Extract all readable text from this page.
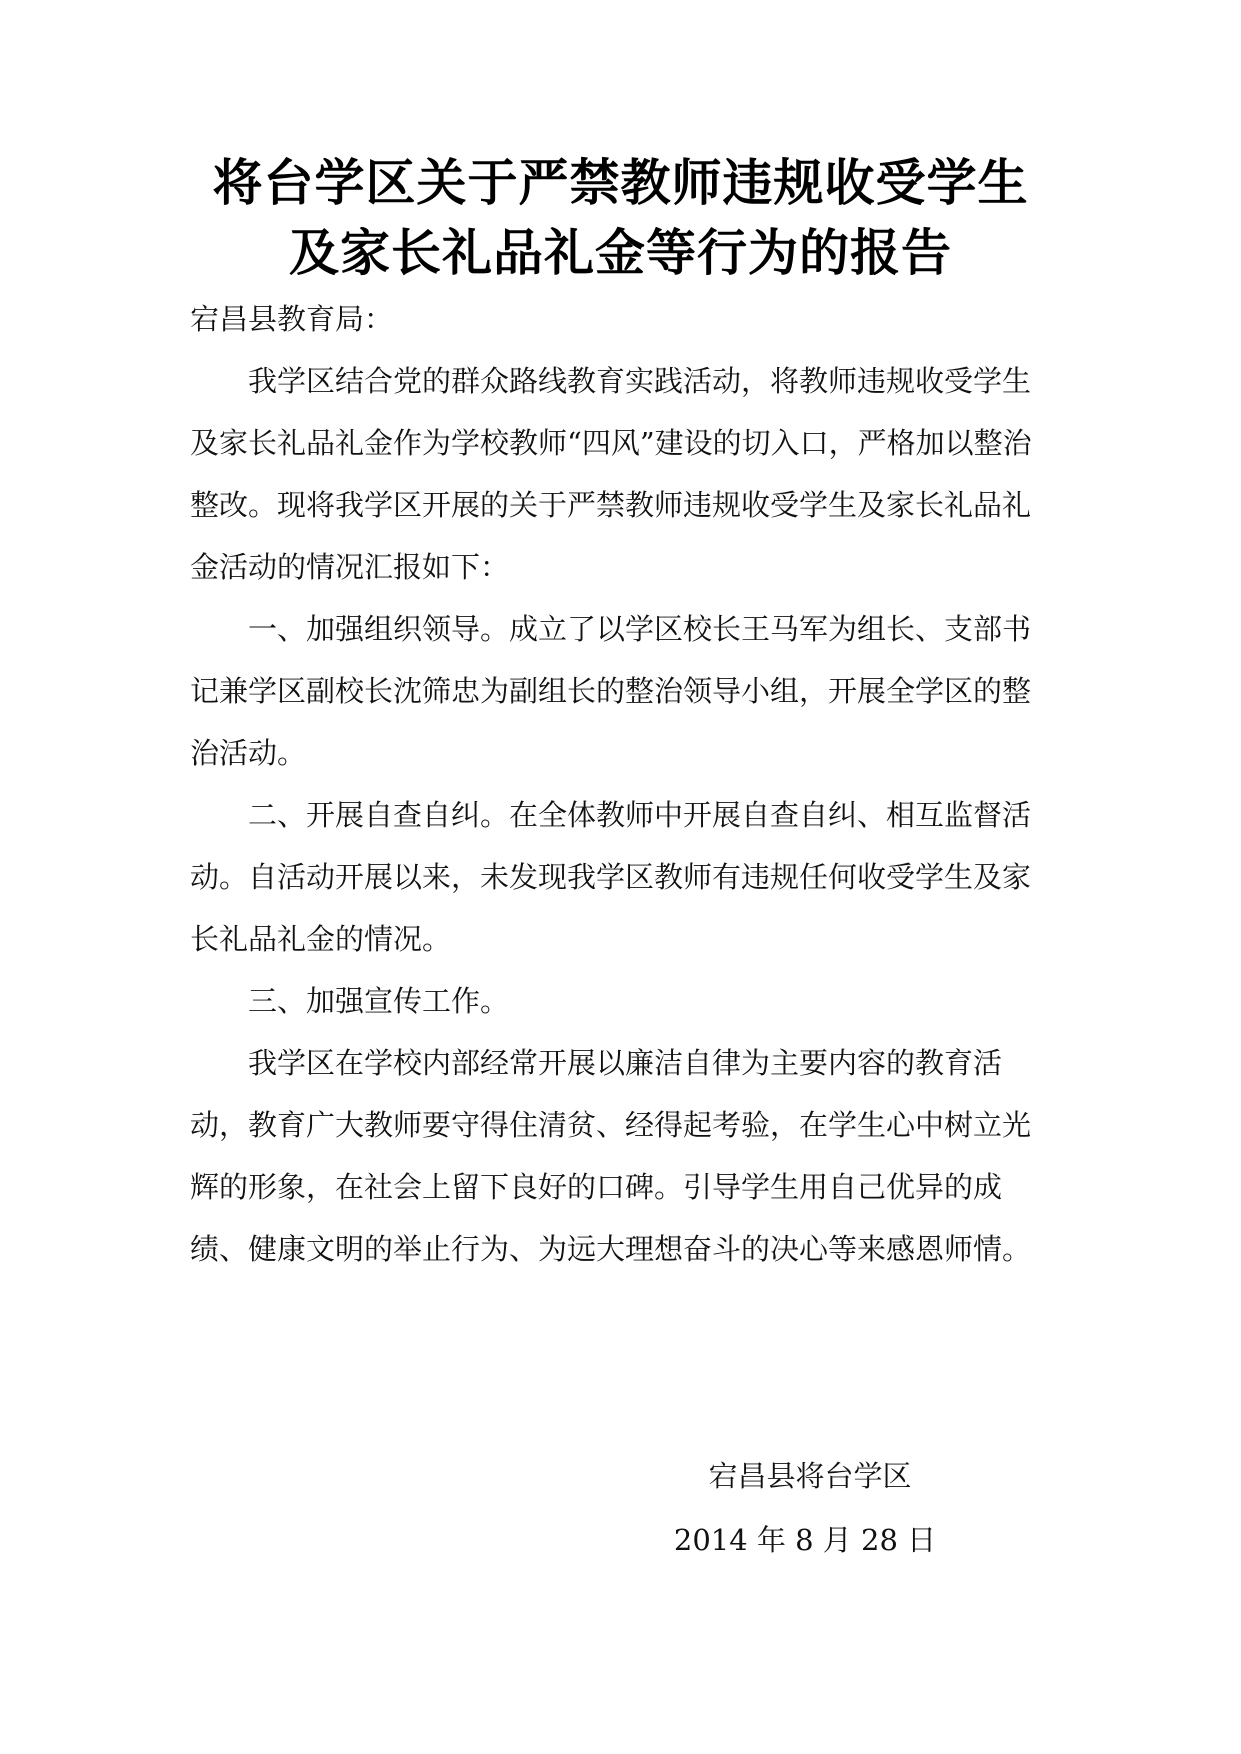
将台学区关于严禁教师违规收受学生
及家长礼品礼金等行为的报告

宕昌县教育局：

我学区结合党的群众路线教育实践活动，将教师违规收受学生及家长礼品礼金作为学校教师“四风”建设的切入口，严格加以整治整改。现将我学区开展的关于严禁教师违规收受学生及家长礼品礼金活动的情况汇报如下：

一、加强组织领导。成立了以学区校长王马军为组长、支部书记兼学区副校长沈筛忠为副组长的整治领导小组，开展全学区的整治活动。

二、开展自查自纠。在全体教师中开展自查自纠、相互监督活动。自活动开展以来，未发现我学区教师有违规任何收受学生及家长礼品礼金的情况。

三、加强宣传工作。

我学区在学校内部经常开展以廉洁自律为主要内容的教育活动，教育广大教师要守得住清贫、经得起考验，在学生心中树立光辉的形象，在社会上留下良好的口碑。引导学生用自己优异的成绩、健康文明的举止行为、为远大理想奋斗的决心等来感恩师情。

宕昌县将台学区
2014 年 8 月 28 日
